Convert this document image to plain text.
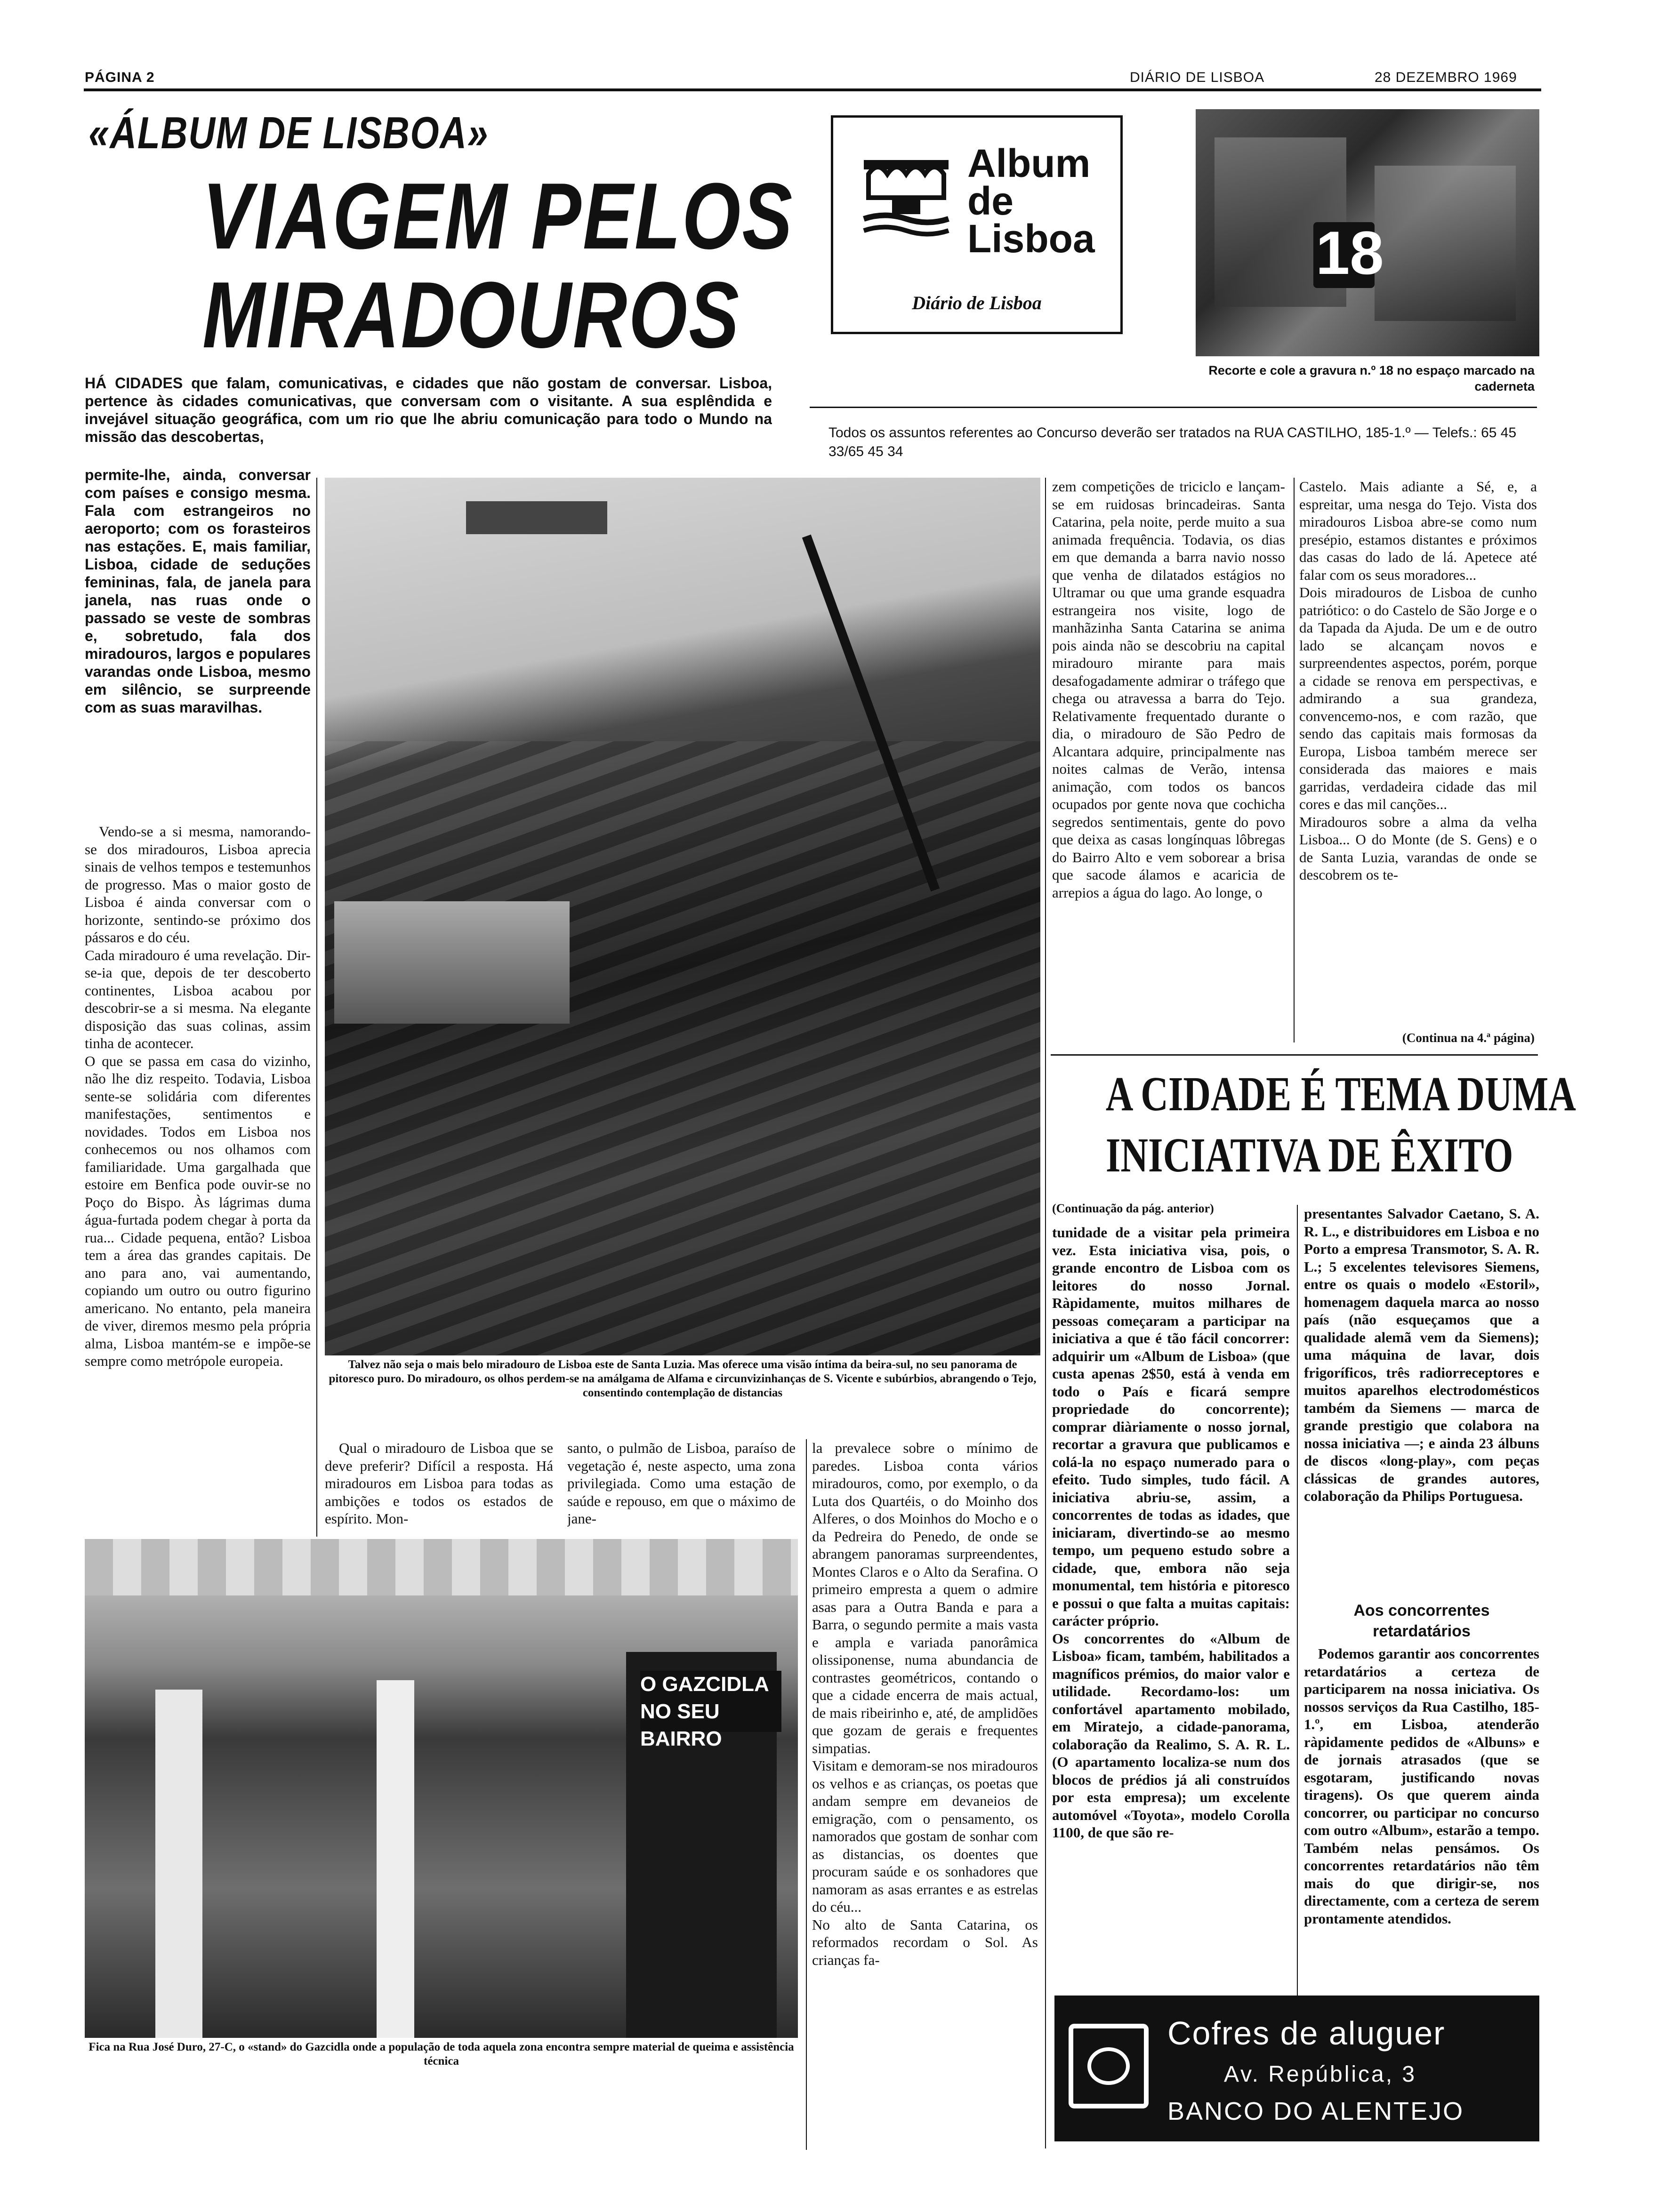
PÁGINA 2	DIÁRIO DE LISBOA	28 DEZEMBRO 1969
«ÁLBUM DE LISBOA»
VIAGEM PELOS
MIRADOUROS
HÁ CIDADES que falam, comunicativas, e cidades que não gostam de conversar. Lisboa, pertence às cidades comunicativas, que conversam com o visitante. A sua esplêndida e invejável situação geográfica, com um rio que lhe abriu comunicação para todo o Mundo na missão das descobertas,
permite-lhe, ainda, conversar com países e consigo mesma. Fala com estrangeiros no aeroporto; com os forasteiros nas estações. E, mais familiar, Lisboa, cidade de seduções femininas, fala, de janela para janela, nas ruas onde o passado se veste de sombras e, sobretudo, fala dos miradouros, largos e populares varandas onde Lisboa, mesmo em silêncio, se surpreende com as suas maravilhas.
Album
de
Lisboa
Diário de Lisboa
18
Recorte e cole a gravura n.º 18 no espaço marcado na caderneta
Todos os assuntos referentes ao Concurso deverão ser tratados na RUA CASTILHO, 185-1.º — Telefs.: 65 45 33/65 45 34

Vendo-se a si mesma, namorando-se dos miradouros, Lisboa aprecia sinais de velhos tempos e testemunhos de progresso. Mas o maior gosto de Lisboa é ainda conversar com o horizonte, sentindo-se próximo dos pássaros e do céu.
Cada miradouro é uma revelação. Dir-se-ia que, depois de ter descoberto continentes, Lisboa acabou por descobrir-se a si mesma. Na elegante disposição das suas colinas, assim tinha de acontecer.
O que se passa em casa do vizinho, não lhe diz respeito. Todavia, Lisboa sente-se solidária com diferentes manifestações, sentimentos e novidades. Todos em Lisboa nos conhecemos ou nos olhamos com familiaridade. Uma gargalhada que estoire em Benfica pode ouvir-se no Poço do Bispo. Às lágrimas duma água-furtada podem chegar à porta da rua... Cidade pequena, então? Lisboa tem a área das grandes capitais. De ano para ano, vai aumentando, copiando um outro ou outro figurino americano. No entanto, pela maneira de viver, diremos mesmo pela própria alma, Lisboa mantém-se e impõe-se sempre como metrópole europeia.	Talvez não seja o mais belo miradouro de Lisboa este de Santa Luzia. Mas oferece uma visão íntima da beira-sul, no seu panorama de pitoresco puro. Do miradouro, os olhos perdem-se na amálgama de Alfama e circunvizinhanças de S. Vicente e subúrbios, abrangendo o Tejo, consentindo contemplação de distancias

Qual o miradouro de Lisboa que se deve preferir? Difícil a resposta. Há miradouros em Lisboa para todas as ambições e todos os estados de espírito. Mon-

santo, o pulmão de Lisboa, paraíso de vegetação é, neste aspecto, uma zona privilegiada. Como uma estação de saúde e repouso, em que o máximo de jane-

O GAZCIDLA
NO SEU BAIRRO
Fica na Rua José Duro, 27-C, o «stand» do Gazcidla onde a população de toda aquela zona encontra sempre material de queima e assistência técnica

la prevalece sobre o mínimo de paredes. Lisboa conta vários miradouros, como, por exemplo, o da Luta dos Quartéis, o do Moinho dos Alferes, o dos Moinhos do Mocho e o da Pedreira do Penedo, de onde se abrangem panoramas surpreendentes, Montes Claros e o Alto da Serafina. O primeiro empresta a quem o admire asas para a Outra Banda e para a Barra, o segundo permite a mais vasta e ampla e variada panorâmica olissiponense, numa abundancia de contrastes geométricos, contando o que a cidade encerra de mais actual, de mais ribeirinho e, até, de amplidões que gozam de gerais e frequentes simpatias.
Visitam e demoram-se nos miradouros os velhos e as crianças, os poetas que andam sempre em devaneios de emigração, com o pensamento, os namorados que gostam de sonhar com as distancias, os doentes que procuram saúde e os sonhadores que namoram as asas errantes e as estrelas do céu...
No alto de Santa Catarina, os reformados recordam o Sol. As crianças fa-

zem competições de triciclo e lançam-se em ruidosas brincadeiras. Santa Catarina, pela noite, perde muito a sua animada frequência. Todavia, os dias em que demanda a barra navio nosso que venha de dilatados estágios no Ultramar ou que uma grande esquadra estrangeira nos visite, logo de manhãzinha Santa Catarina se anima pois ainda não se descobriu na capital miradouro mirante para mais desafogadamente admirar o tráfego que chega ou atravessa a barra do Tejo. Relativamente frequentado durante o dia, o miradouro de São Pedro de Alcantara adquire, principalmente nas noites calmas de Verão, intensa animação, com todos os bancos ocupados por gente nova que cochicha segredos sentimentais, gente do povo que deixa as casas longínquas lôbregas do Bairro Alto e vem soborear a brisa que sacode álamos e acaricia de arrepios a água do lago. Ao longe, o

Castelo. Mais adiante a Sé, e, a espreitar, uma nesga do Tejo. Vista dos miradouros Lisboa abre-se como num presépio, estamos distantes e próximos das casas do lado de lá. Apetece até falar com os seus moradores...
Dois miradouros de Lisboa de cunho patriótico: o do Castelo de São Jorge e o da Tapada da Ajuda. De um e de outro lado se alcançam novos e surpreendentes aspectos, porém, porque a cidade se renova em perspectivas, e admirando a sua grandeza, convencemo-nos, e com razão, que sendo das capitais mais formosas da Europa, Lisboa também merece ser considerada das maiores e mais garridas, verdadeira cidade das mil cores e das mil canções...
Miradouros sobre a alma da velha Lisboa... O do Monte (de S. Gens) e o de Santa Luzia, varandas de onde se descobrem os te-

(Continua na 4.ª página)
A CIDADE É TEMA DUMA
INICIATIVA DE ÊXITO
(Continuação da pág. anterior)

tunidade de a visitar pela primeira vez. Esta iniciativa visa, pois, o grande encontro de Lisboa com os leitores do nosso Jornal. Ràpidamente, muitos milhares de pessoas começaram a participar na iniciativa a que é tão fácil concorrer: adquirir um «Album de Lisboa» (que custa apenas 2$50, está à venda em todo o País e ficará sempre propriedade do concorrente); comprar diàriamente o nosso jornal, recortar a gravura que publicamos e colá-la no espaço numerado para o efeito. Tudo simples, tudo fácil. A iniciativa abriu-se, assim, a concorrentes de todas as idades, que iniciaram, divertindo-se ao mesmo tempo, um pequeno estudo sobre a cidade, que, embora não seja monumental, tem história e pitoresco e possui o que falta a muitas capitais: carácter próprio.
Os concorrentes do «Album de Lisboa» ficam, também, habilitados a magníficos prémios, do maior valor e utilidade. Recordamo-los: um confortável apartamento mobilado, em Miratejo, a cidade-panorama, colaboração da Realimo, S. A. R. L. (O apartamento localiza-se num dos blocos de prédios já ali construídos por esta empresa); um excelente automóvel «Toyota», modelo Corolla 1100, de que são re-

presentantes Salvador Caetano, S. A. R. L., e distribuidores em Lisboa e no Porto a empresa Transmotor, S. A. R. L.; 5 excelentes televisores Siemens, entre os quais o modelo «Estoril», homenagem daquela marca ao nosso país (não esqueçamos que a qualidade alemã vem da Siemens); uma máquina de lavar, dois frigoríficos, três radiorreceptores e muitos aparelhos electrodomésticos também da Siemens — marca de grande prestigio que colabora na nossa iniciativa —; e ainda 23 álbuns de discos «long-play», com peças clássicas de grandes autores, colaboração da Philips Portuguesa.

Aos concorrentes retardatários

Podemos garantir aos concorrentes retardatários a certeza de participarem na nossa iniciativa. Os nossos serviços da Rua Castilho, 185-1.º, em Lisboa, atenderão ràpidamente pedidos de «Albuns» e de jornais atrasados (que se esgotaram, justificando novas tiragens). Os que querem ainda concorrer, ou participar no concurso com outro «Album», estarão a tempo. Também nelas pensámos. Os concorrentes retardatários não têm mais do que dirigir-se, nos directamente, com a certeza de serem prontamente atendidos.

Cofres de aluguer
Av. República, 3
BANCO DO ALENTEJO
